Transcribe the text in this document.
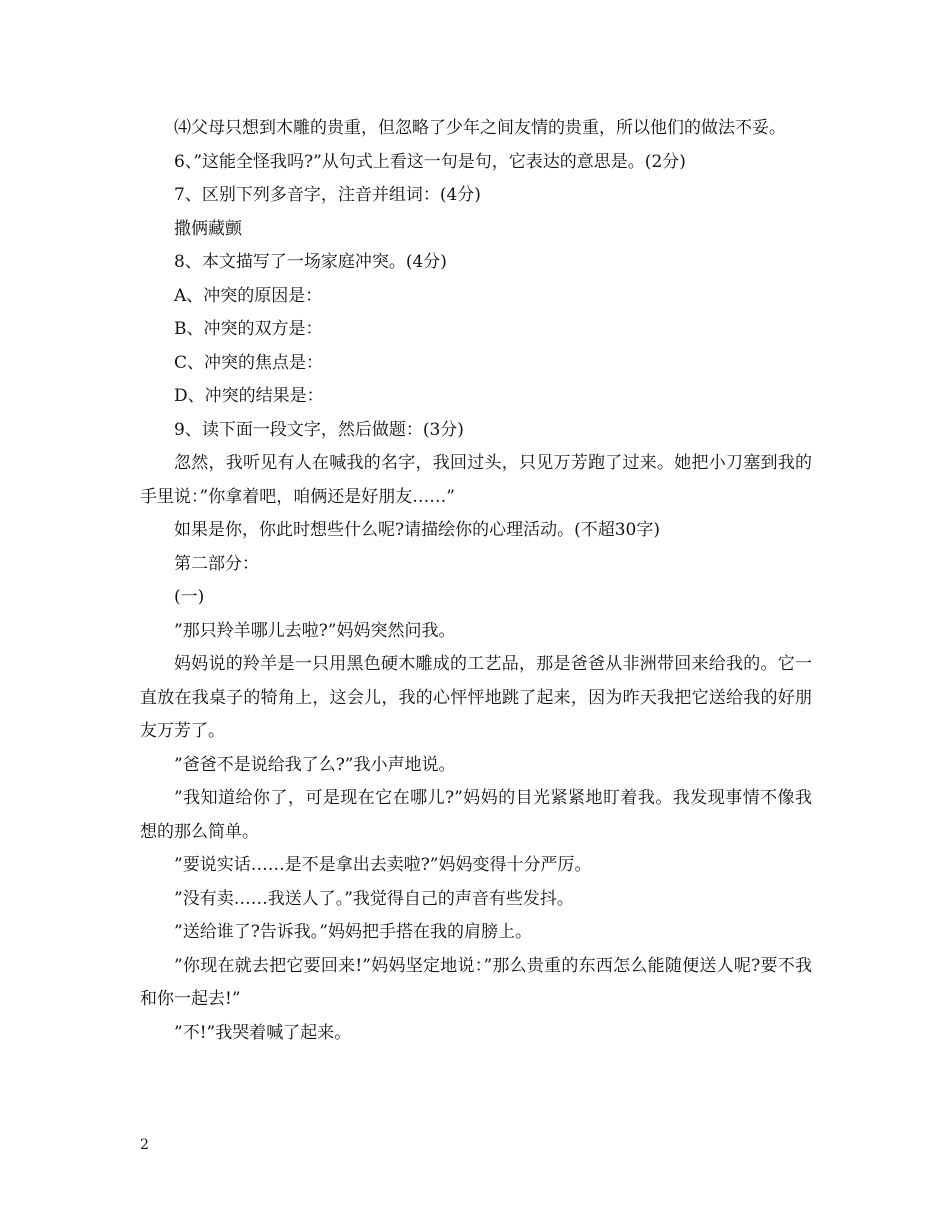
⑷父母只想到木雕的贵重，但忽略了少年之间友情的贵重，所以他们的做法不妥。

6、”这能全怪我吗?”从句式上看这一句是句，它表达的意思是。(2分)

7、区别下列多音字，注音并组词：(4分)

撒俩藏颤

8、本文描写了一场家庭冲突。(4分)

A、冲突的原因是：

B、冲突的双方是：

C、冲突的焦点是：

D、冲突的结果是：

9、读下面一段文字，然后做题：(3分)

忽然，我听见有人在喊我的名字，我回过头，只见万芳跑了过来。她把小刀塞到我的手里说：”你拿着吧，咱俩还是好朋友……”

如果是你，你此时想些什么呢?请描绘你的心理活动。(不超30字)

第二部分：

(一)

”那只羚羊哪儿去啦?”妈妈突然问我。

妈妈说的羚羊是一只用黑色硬木雕成的工艺品，那是爸爸从非洲带回来给我的。它一直放在我桌子的犄角上，这会儿，我的心怦怦地跳了起来，因为昨天我把它送给我的好朋友万芳了。

”爸爸不是说给我了么?”我小声地说。

”我知道给你了，可是现在它在哪儿?”妈妈的目光紧紧地盯着我。我发现事情不像我想的那么简单。

”要说实话……是不是拿出去卖啦?”妈妈变得十分严厉。

”没有卖……我送人了。”我觉得自己的声音有些发抖。

”送给谁了?告诉我。”妈妈把手搭在我的肩膀上。

”你现在就去把它要回来!”妈妈坚定地说：”那么贵重的东西怎么能随便送人呢?要不我和你一起去!”

”不!”我哭着喊了起来。

2
